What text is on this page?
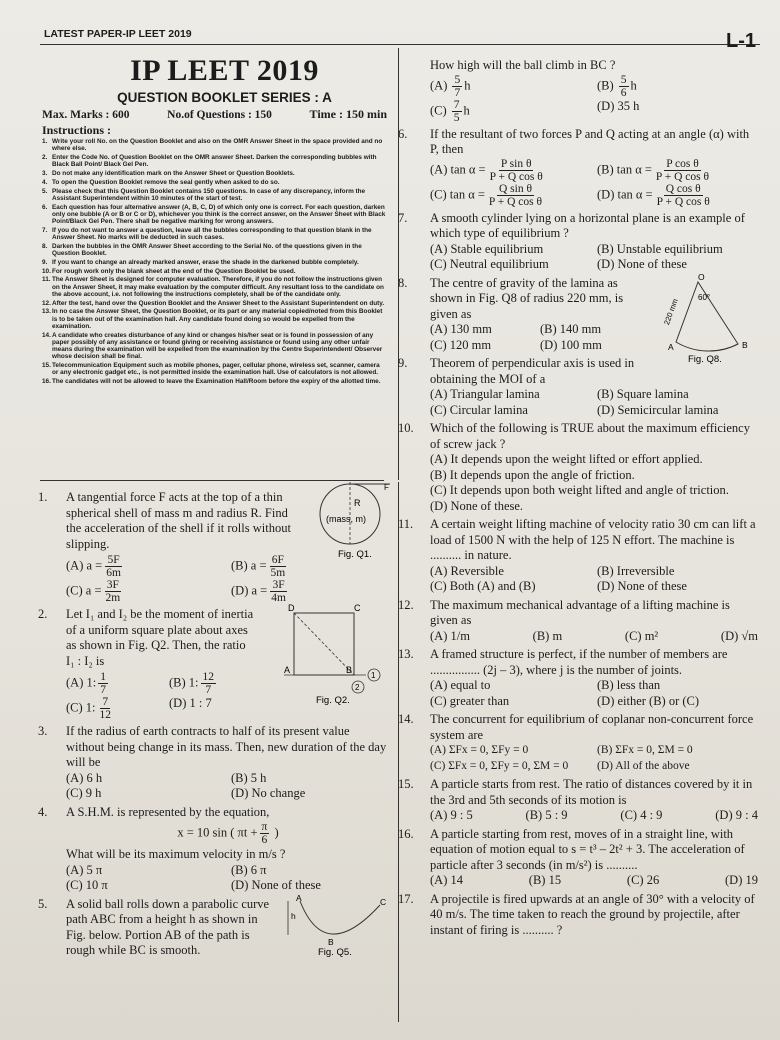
LATEST PAPER-IP LEET 2019	L-1
IP LEET 2019
QUESTION BOOKLET SERIES : A
Max. Marks : 600	No.of Questions : 150	Time : 150 min
Instructions :
1. Write your roll No. on the Question Booklet and also on the OMR Answer Sheet in the space provided and no where else.
2. Enter the Code No. of Question Booklet on the OMR answer Sheet. Darken the corresponding bubbles with Black Ball Point/ Black Gel Pen.
3. Do not make any identification mark on the Answer Sheet or Question Booklets.
4. To open the Question Booklet remove the seal gently when asked to do so.
5. Please check that this Question Booklet contains 150 questions. In case of any discrepancy, inform the Assistant Superintendent within 10 minutes of the start of test.
6. Each question has four alternative answer (A, B, C, D) of which only one is correct. For each question, darken only one bubble (A or B or C or D), whichever you think is the correct answer, on the Answer Sheet with Black Point/Black Gel Pen. There shall be negative marking for wrong answers.
7. If you do not want to answer a question, leave all the bubbles corresponding to that question blank in the Answer Sheet. No marks will be deducted in such cases.
8. Darken the bubbles in the OMR Answer Sheet according to the Serial No. of the questions given in the Question Booklet.
9. If you want to change an already marked answer, erase the shade in the darkened bubble completely.
10. For rough work only the blank sheet at the end of the Question Booklet be used.
11. The Answer Sheet is designed for computer evaluation. Therefore, if you do not follow the instructions given on the Answer Sheet, it may make evaluation by the computer difficult. Any resultant loss to the candidate on the above account, i.e. not following the instructions completely, shall be of the candidate only.
12. After the test, hand over the Question Booklet and the Answer Sheet to the Assistant Superintendent on duty.
13. In no case the Answer Sheet, the Question Booklet, or its part or any material copied/noted from this Booklet is to be taken out of the examination hall. Any candidate found doing so would be expelled from the examination.
14. A candidate who creates disturbance of any kind or changes his/her seat or is found in possession of any paper possibly of any assistance or found giving or receiving assistance or found using any other unfair means during the examination will be expelled from the examination by the Centre Superintendent/ Observer whose decision shall be final.
15. Telecommunication Equipment such as mobile phones, pager, cellular phone, wireless set, scanner, camera or any electronic gadget etc., is not permitted inside the examination hall. Use of calculators is not allowed.
16. The candidates will not be allowed to leave the Examination Hall/Room before the expiry of the allotted time.
1.	A tangential force F acts at the top of a thin spherical shell of mass m and radius R. Find the acceleration of the shell if it rolls without slipping.
R
(mass, m)
F
Fig. Q1.
(A) $a = \frac{5F}{6m}$	(B) $a = \frac{6F}{5m}$
(C) $a = \frac{3F}{2m}$	(D) $a = \frac{3F}{4m}$
2.	Let I₁ and I₂ be the moment of inertia of a uniform square plate about axes as shown in Fig. Q2. Then, the ratio I₁ : I₂ is
D	C
A	B
1
2
Fig. Q2.
(A) 1: $\frac{1}{7}$	(B) 1: $\frac{12}{7}$
(C) 1: $\frac{7}{12}$	(D) 1 : 7
3.	If the radius of earth contracts to half of its present value without being change in its mass. Then, new duration of the day will be
(A) 6 h	(B) 5 h
(C) 9 h	(D) No change
4.	A S.H.M. is represented by the equation,
x = 10 sin ( $\pi t + \frac{\pi}{6}$ )
What will be its maximum velocity in m/s ?
(A) 5 π	(B) 6 π
(C) 10 π	(D) None of these
5.	A solid ball rolls down a parabolic curve path ABC from a height h as shown in Fig. below. Portion AB of the path is rough while BC is smooth.
A
B
C
h
Fig. Q5.
How high will the ball climb in BC ?
$(A) \frac{5}{7}$ h	$(B) \frac{5}{6}$ h
$(C) \frac{7}{5}$ h	(D) 35 h
6.	If the resultant of two forces P and Q acting at an angle (α) with P, then
(A) $\tan \alpha = \frac{\text{P sin θ}}{\text{P + Q cos θ}}$	(B) $\tan \alpha = \frac{\text{P cos θ}}{\text{P + Q cos θ}}$
(C) $\tan \alpha = \frac{\text{Q sin θ}}{\text{P + Q cos θ}}$	(D) $\tan \alpha = \frac{\text{Q cos θ}}{\text{P + Q cos θ}}$
7.	A smooth cylinder lying on a horizontal plane is an example of which type of equilibrium ?
(A) Stable equilibrium	(B) Unstable equilibrium
(C) Neutral equilibrium	(D) None of these
8.	The centre of gravity of the lamina as shown in Fig. Q8 of radius 220 mm, is given as
(A) 130 mm	(B) 140 mm
(C) 120 mm	(D) 100 mm
O
A	B
60°
220 mm
Fig. Q8.
9.	Theorem of perpendicular axis is used in obtaining the MOI of a
(A) Triangular lamina	(B) Square lamina
(C) Circular lamina	(D) Semicircular lamina
10.	Which of the following is TRUE about the maximum efficiency of screw jack ?
(A) It depends upon the weight lifted or effort applied.
(B) It depends upon the angle of friction.
(C) It depends upon both weight lifted and angle of triction.
(D) None of these.
11.	A certain weight lifting machine of velocity ratio 30 cm can lift a load of 1500 N with the help of 125 N effort. The machine is .......... in nature.
(A) Reversible	(B) Irreversible
(C) Both (A) and (B)	(D) None of these
12.	The maximum mechanical advantage of a lifting machine is given as
(A) 1/m	(B) m	(C) m²	(D) √m
13.	A framed structure is perfect, if the number of members are ................ (2j – 3), where j is the number of joints.
(A) equal to	(B) less than
(C) greater than	(D) either (B) or (C)
14.	The concurrent for equilibrium of coplanar non-concurrent force system are
(A) ΣFx = 0, ΣFy = 0	(B) ΣFx = 0, ΣM = 0
(C) ΣFx = 0, ΣFy = 0, ΣM = 0	(D) All of the above
15.	A particle starts from rest. The ratio of distances covered by it in the 3rd and 5th seconds of its motion is
(A) 9 : 5	(B) 5 : 9	(C) 4 : 9	(D) 9 : 4
16.	A particle starting from rest, moves of in a straight line, with equation of motion equal to s = t³ – 2t² + 3. The acceleration of particle after 3 seconds (in m/s²) is ..........
(A) 14	(B) 15	(C) 26	(D) 19
17.	A projectile is fired upwards at an angle of 30° with a velocity of 40 m/s. The time taken to reach the ground by projectile, after instant of firing is .......... ?
